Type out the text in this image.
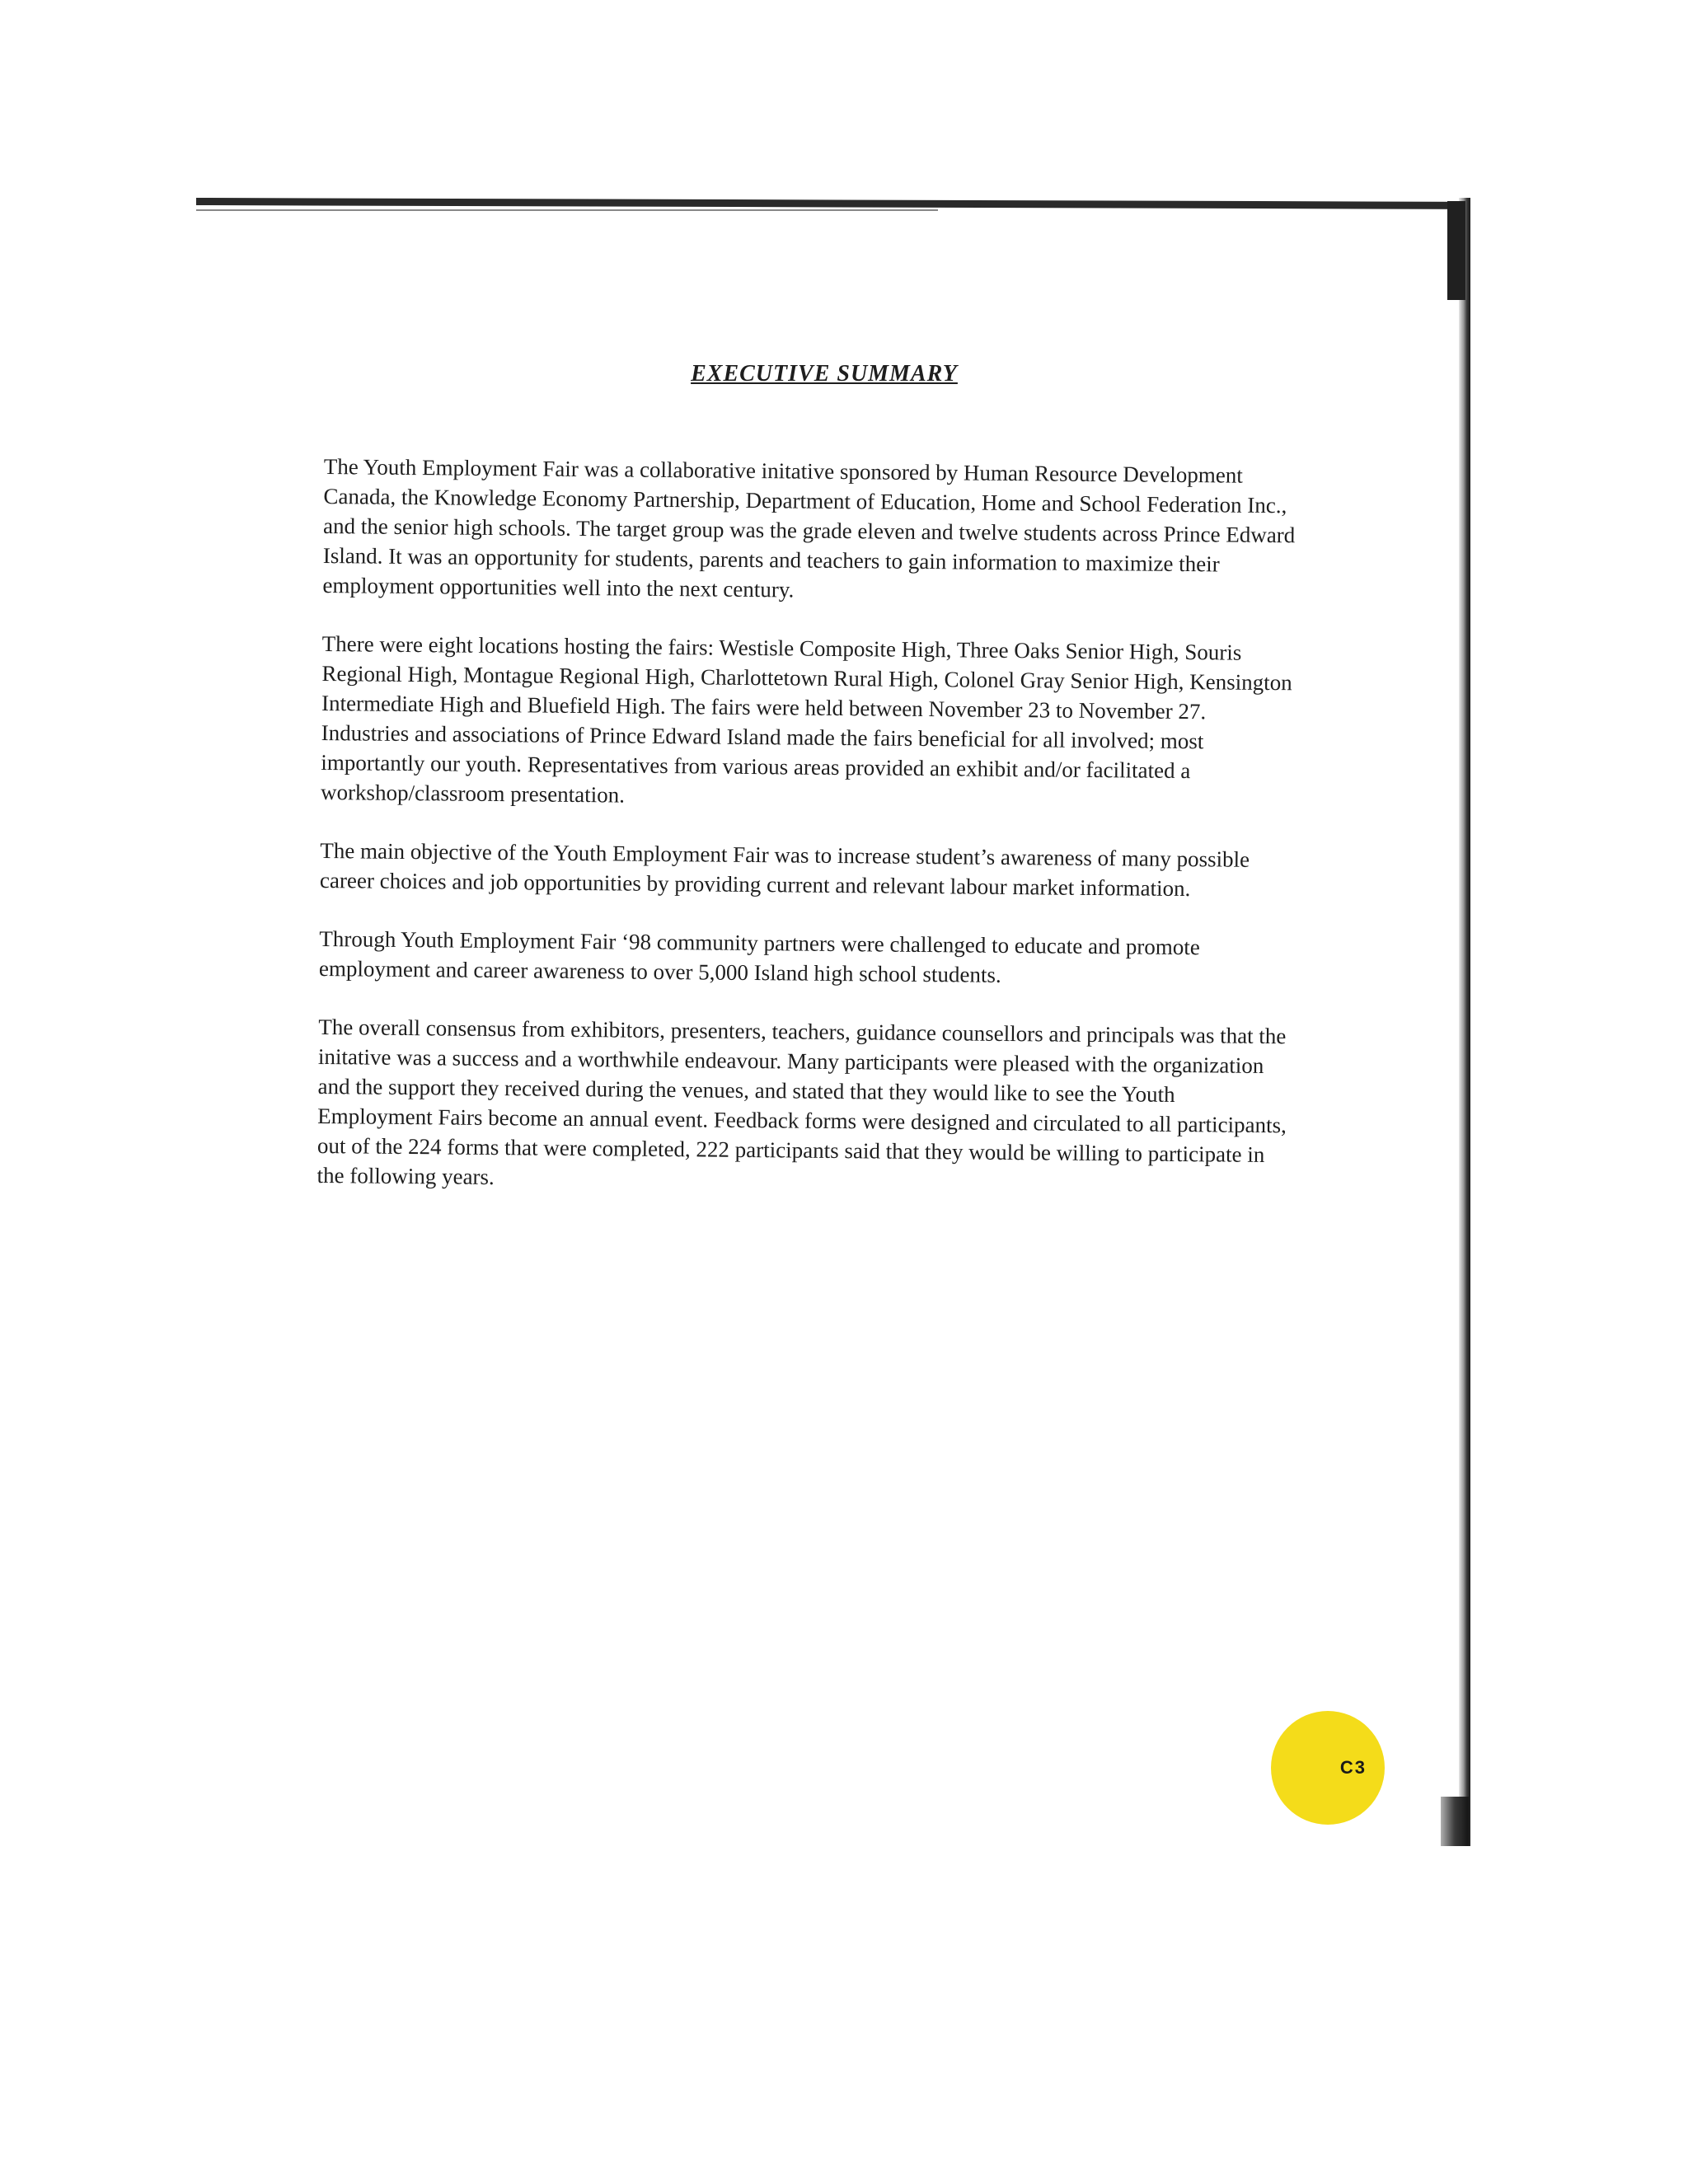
EXECUTIVE SUMMARY

The Youth Employment Fair was a collaborative initative sponsored by Human Resource Development Canada, the Knowledge Economy Partnership, Department of Education, Home and School Federation Inc., and the senior high schools. The target group was the grade eleven and twelve students across Prince Edward Island. It was an opportunity for students, parents and teachers to gain information to maximize their employment opportunities well into the next century.

There were eight locations hosting the fairs: Westisle Composite High, Three Oaks Senior High, Souris Regional High, Montague Regional High, Charlottetown Rural High, Colonel Gray Senior High, Kensington Intermediate High and Bluefield High. The fairs were held between November 23 to November 27. Industries and associations of Prince Edward Island made the fairs beneficial for all involved; most importantly our youth. Representatives from various areas provided an exhibit and/or facilitated a workshop/classroom presentation.

The main objective of the Youth Employment Fair was to increase student’s awareness of many possible career choices and job opportunities by providing current and relevant labour market information.

Through Youth Employment Fair ‘98 community partners were challenged to educate and promote employment and career awareness to over 5,000 Island high school students.

The overall consensus from exhibitors, presenters, teachers, guidance counsellors and principals was that the initative was a success and a worthwhile endeavour. Many participants were pleased with the organization and the support they received during the venues, and stated that they would like to see the Youth Employment Fairs become an annual event. Feedback forms were designed and circulated to all participants, out of the 224 forms that were completed, 222 participants said that they would be willing to participate in the following years.

C3
